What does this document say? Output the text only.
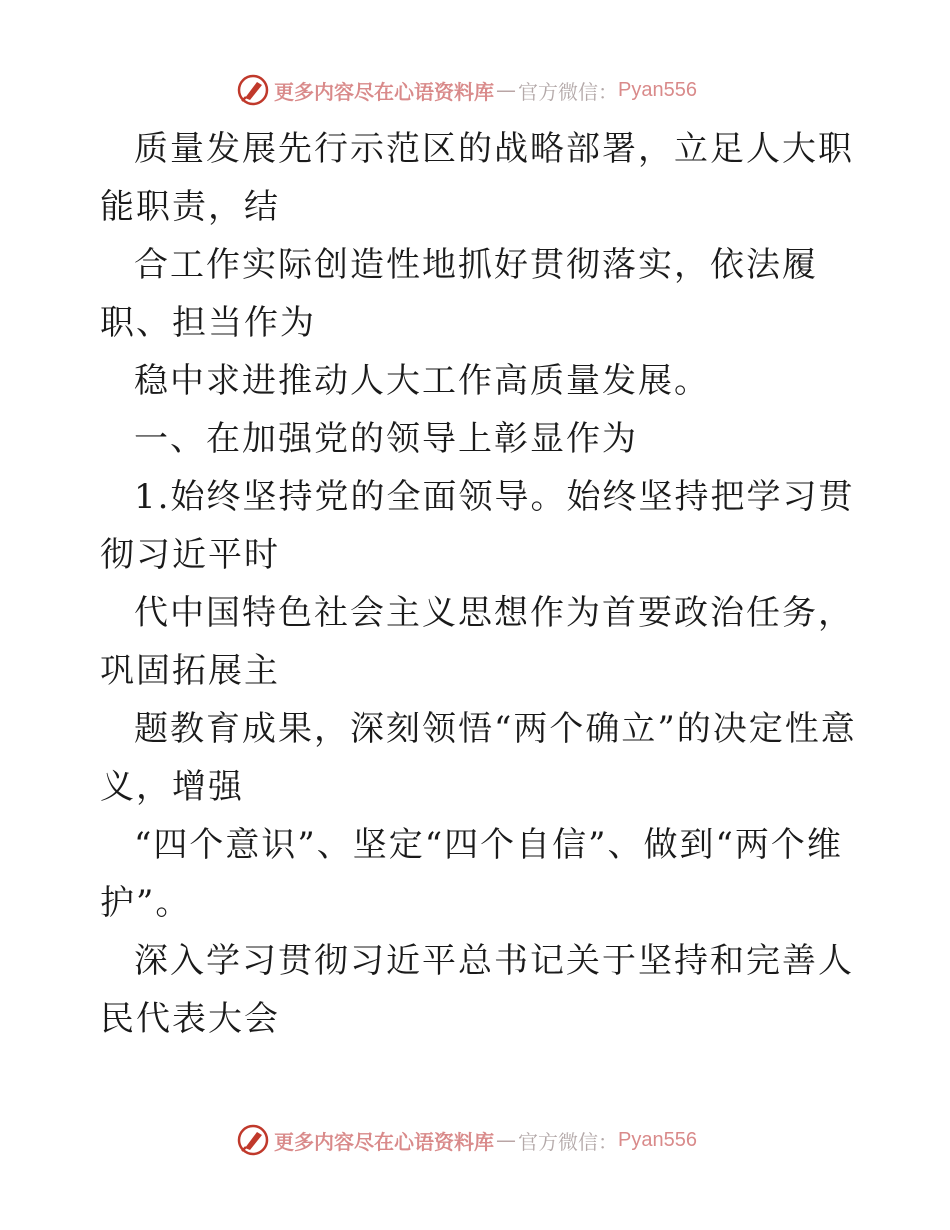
更多内容尽在心语资料库 — 官方微信： Pyan556

质量发展先行示范区的战略部署，立足人大职能职责，结

合工作实际创造性地抓好贯彻落实，依法履职、担当作为

稳中求进推动人大工作高质量发展。

一、在加强党的领导上彰显作为

1.始终坚持党的全面领导。始终坚持把学习贯彻习近平时

代中国特色社会主义思想作为首要政治任务，巩固拓展主

题教育成果，深刻领悟“两个确立”的决定性意义，增强

“四个意识”、坚定“四个自信”、做到“两个维护”。

深入学习贯彻习近平总书记关于坚持和完善人民代表大会

更多内容尽在心语资料库 — 官方微信： Pyan556
